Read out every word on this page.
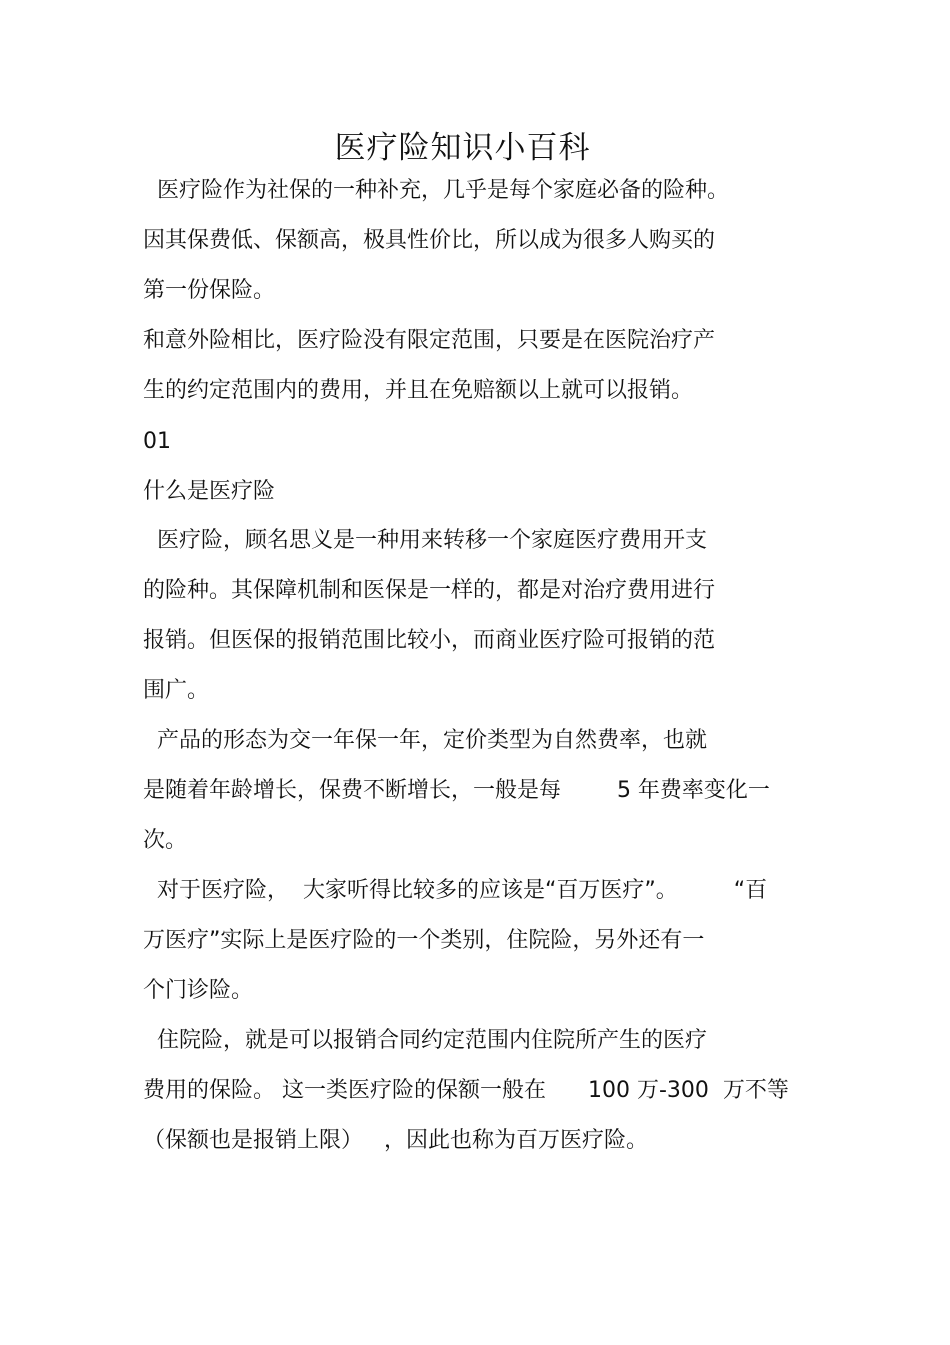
医疗险知识小百科
医疗险作为社保的一种补充，几乎是每个家庭必备的险种。
因其保费低、保额高，极具性价比，所以成为很多人购买的
第一份保险。
和意外险相比，医疗险没有限定范围，只要是在医院治疗产
生的约定范围内的费用，并且在免赔额以上就可以报销。
01
什么是医疗险
医疗险，顾名思义是一种用来转移一个家庭医疗费用开支
的险种。其保障机制和医保是一样的，都是对治疗费用进行
报销。但医保的报销范围比较小，而商业医疗险可报销的范
围广。
产品的形态为交一年保一年，定价类型为自然费率，也就
是随着年龄增长，保费不断增长，一般是每        5 年费率变化一
次。
对于医疗险，  大家听得比较多的应该是“百万医疗”。        “百
万医疗”实际上是医疗险的一个类别，住院险，另外还有一
个门诊险。
住院险，就是可以报销合同约定范围内住院所产生的医疗
费用的保险。 这一类医疗险的保额一般在      100 万-300  万不等
（保额也是报销上限）   ，因此也称为百万医疗险。
